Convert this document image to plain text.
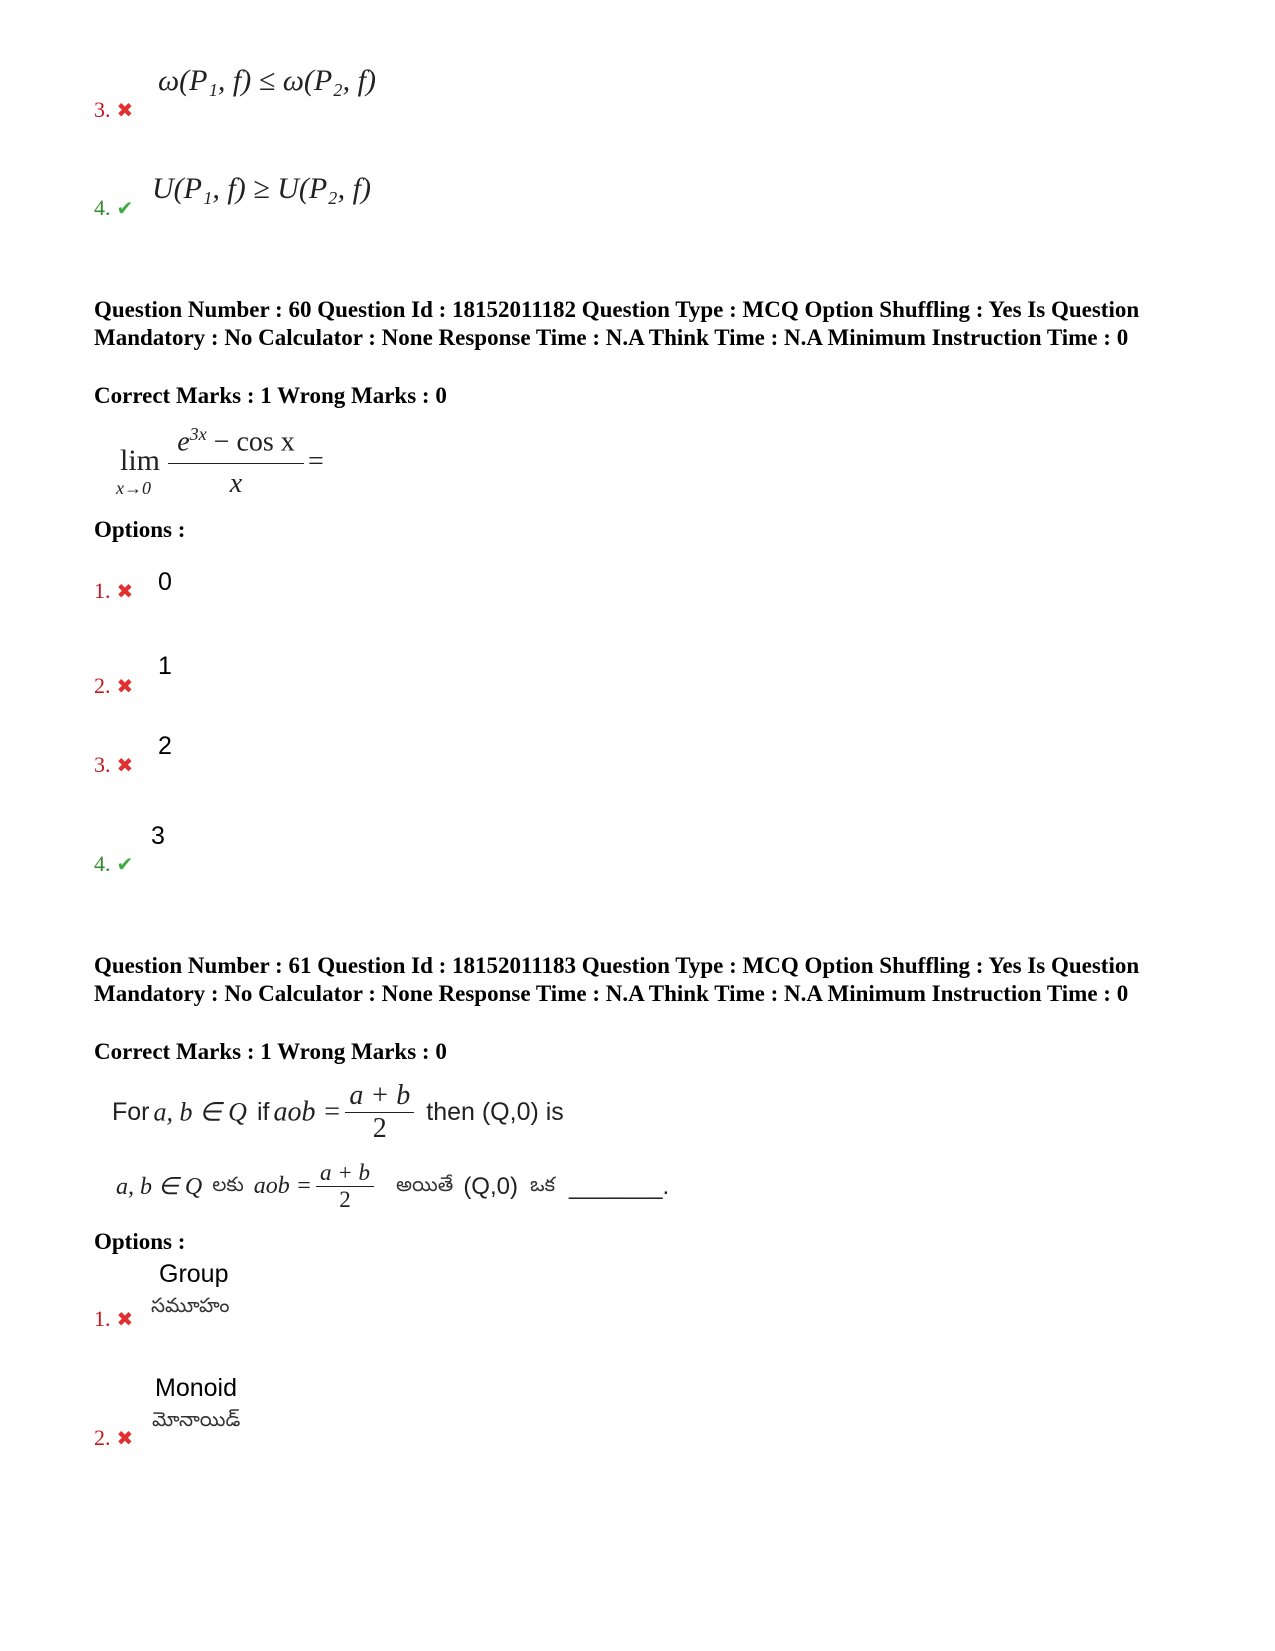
3. ✖
ω(P₁, f) ≤ ω(P₂, f)
4. ✔
U(P₁, f) ≥ U(P₂, f)
Question Number : 60 Question Id : 18152011182 Question Type : MCQ Option Shuffling : Yes Is Question Mandatory : No Calculator : None Response Time : N.A Think Time : N.A Minimum Instruction Time : 0
Correct Marks : 1 Wrong Marks : 0
lim
x→0
$e^{3x} - \cos x$
x
=
Options :
1. ✖ 0
2. ✖
1
3. ✖
2
4. ✔
3
Question Number : 61 Question Id : 18152011183 Question Type : MCQ Option Shuffling : Yes Is Question Mandatory : No Calculator : None Response Time : N.A Think Time : N.A Minimum Instruction Time : 0
Correct Marks : 1 Wrong Marks : 0
For a, b ∈ Q if aob = $\frac{a + b}{2}$ then (Q,0) is
a, b ∈ Q లకు aob = $\frac{a + b}{2}$ అయితే (Q,0) ఒక _______.
Options :
1. ✖
Group
సమూహం
2. ✖
Monoid
మోనాయిడ్
